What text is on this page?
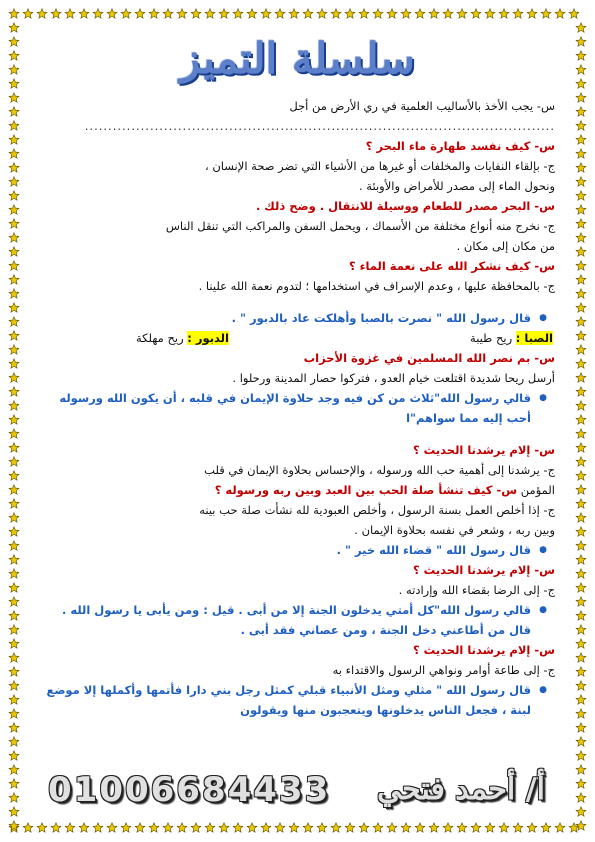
سلسلة التميز
س- يجب الأخذ بالأساليب العلمية في ري الأرض من أجل
.....................................................................................................
س- كيف نفسد طهارة ماء البحر ؟
ج- بإلقاء النفايات والمخلفات أو غيرها من الأشياء التي تضر صحة الإنسان ،
ونحول الماء إلى مصدر للأمراض والأوبئة .
س- البحر مصدر للطعام ووسيلة للانتقال . وضح ذلك .
ج- نخرج منه أنواع مختلفة من الأسماك ، ويحمل السفن والمراكب التي تنقل الناس
من مكان إلى مكان .
س- كيف نشكر الله على نعمة الماء ؟
ج- بالمحافظة عليها ، وعدم الإسراف في استخدامها ؛ لتدوم نعمة الله علينا .
● قال رسول الله " نصرت بالصبا وأهلكت عاد بالدبور " .
الصبا : ريح طيبة
الدبور : ريح مهلكة
س- بم نصر الله المسلمين في غزوة الأحزاب
أرسل ريحا شديدة اقتلعت خيام العدو ، فتركوا حصار المدينة ورحلوا .
● قالي رسول الله"ثلاث من كن فيه وجد حلاوة الإيمان في قلبه ، أن يكون الله ورسوله أحب إليه مما سواهم"ا
س- إلام يرشدنا الحديث ؟
ج- يرشدنا إلى أهمية حب الله ورسوله ، والإحساس بحلاوة الإيمان في قلب
المؤمن س- كيف تنشأ صلة الحب بين العبد وبين ربه ورسوله ؟
ج- إذا أخلص العمل بسنة الرسول ، وأخلص العبودية لله نشأت صلة حب بينه
وبين ربه ، وشعر في نفسه بحلاوة الإيمان .
● قال رسول الله " قضاء الله خير " .
س- إلام يرشدنا الحديث ؟
ج- إلى الرضا بقضاء الله وإرادته .
● قالي رسول الله"كل أمتي يدخلون الجنة إلا من أبى . قيل : ومن يأبى يا رسول الله . قال من أطاعني دخل الجنة ، ومن عصاني فقد أبى .
س- إلام يرشدنا الحديث ؟
ج- إلى طاعة أوامر ونواهي الرسول والاقتداء به
● قال رسول الله " مثلي ومثل الأنبياء قبلي كمثل رجل بني دارا فأتمها وأكملها إلا موضع لبنة ، فجعل الناس يدخلونها ويتعجبون منها ويقولون
01006684433 أ/ أحمد فتحي
